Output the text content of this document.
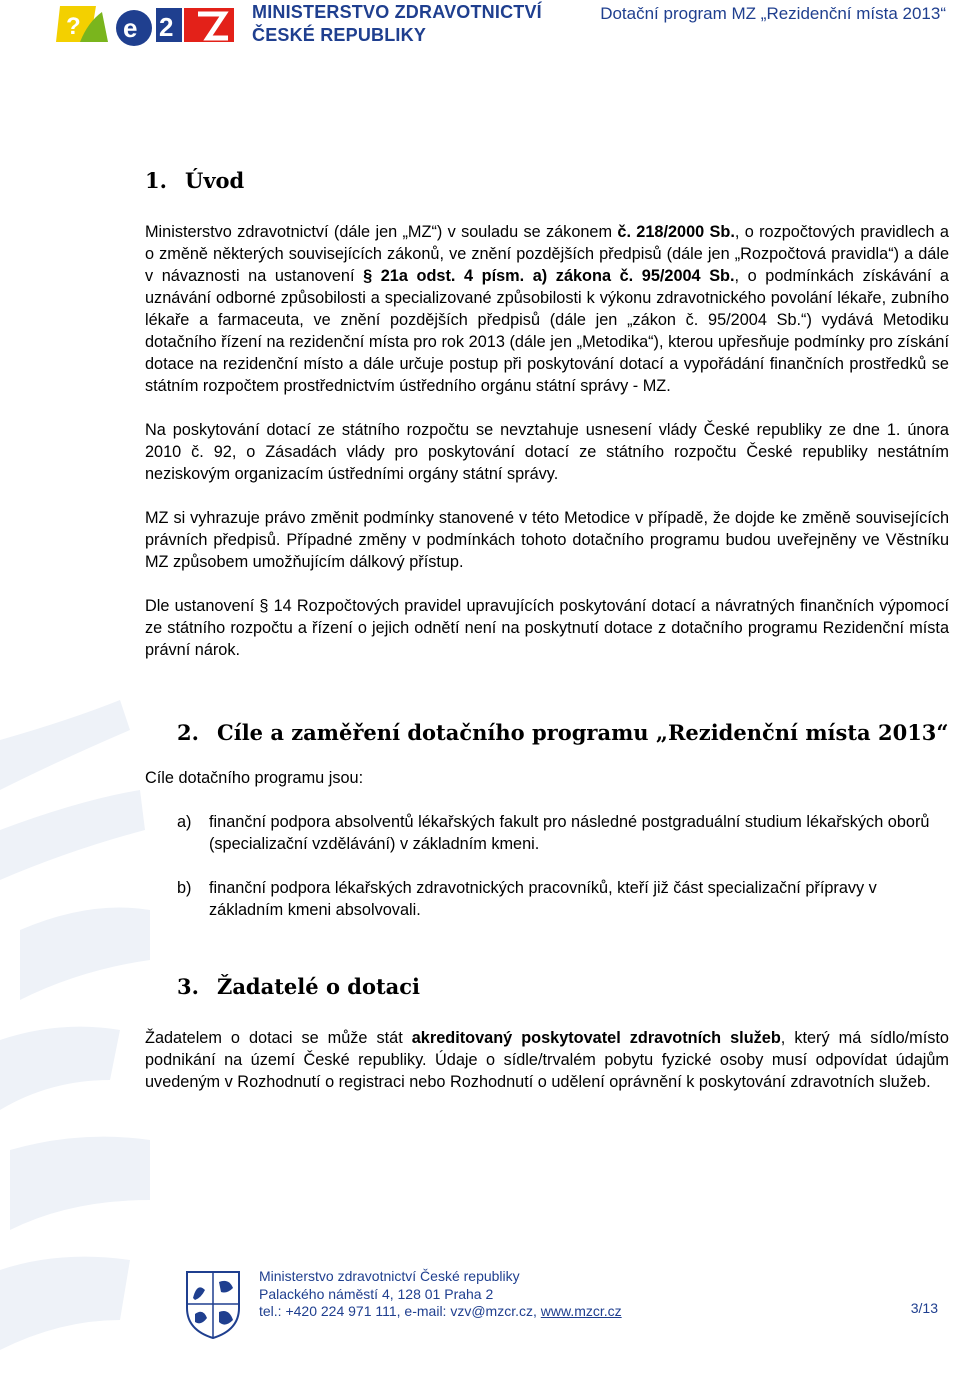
? e 2	MINISTERSTVO ZDRAVOTNICTVÍ
ČESKÉ REPUBLIKY
Dotační program MZ „Rezidenční místa 2013“
1. Úvod

Ministerstvo zdravotnictví (dále jen „MZ“) v souladu se zákonem č. 218/2000 Sb., o rozpočtových pravidlech a o změně některých souvisejících zákonů, ve znění pozdějších předpisů (dále jen „Rozpočtová pravidla“) a dále v návaznosti na ustanovení § 21a odst. 4 písm. a) zákona č. 95/2004 Sb., o podmínkách získávání a uznávání odborné způsobilosti a specializované způsobilosti k výkonu zdravotnického povolání lékaře, zubního lékaře a farmaceuta, ve znění pozdějších předpisů (dále jen „zákon č. 95/2004 Sb.“) vydává Metodiku dotačního řízení na rezidenční místa pro rok 2013 (dále jen „Metodika“), kterou upřesňuje podmínky pro získání dotace na rezidenční místo a dále určuje postup při poskytování dotací a vypořádání finančních prostředků se státním rozpočtem prostřednictvím ústředního orgánu státní správy - MZ.

Na poskytování dotací ze státního rozpočtu se nevztahuje usnesení vlády České republiky ze dne 1. února 2010 č. 92, o Zásadách vlády pro poskytování dotací ze státního rozpočtu České republiky nestátním neziskovým organizacím ústředními orgány státní správy.

MZ si vyhrazuje právo změnit podmínky stanovené v této Metodice v případě, že dojde ke změně souvisejících právních předpisů. Případné změny v podmínkách tohoto dotačního programu budou uveřejněny ve Věstníku MZ způsobem umožňujícím dálkový přístup.

Dle ustanovení § 14 Rozpočtových pravidel upravujících poskytování dotací a návratných finančních výpomocí ze státního rozpočtu a řízení o jejich odnětí není na poskytnutí dotace z dotačního programu Rezidenční místa právní nárok.

2. Cíle a zaměření dotačního programu „Rezidenční místa 2013“

Cíle dotačního programu jsou:

a)	finanční podpora absolventů lékařských fakult pro následné postgraduální studium lékařských oborů (specializační vzdělávání) v základním kmeni.
b)	finanční podpora lékařských zdravotnických pracovníků, kteří již část specializační přípravy v základním kmeni absolvovali.
3. Žadatelé o dotaci

Žadatelem o dotaci se může stát akreditovaný poskytovatel zdravotních služeb, který má sídlo/místo podnikání na území České republiky. Údaje o sídle/trvalém pobytu fyzické osoby musí odpovídat údajům uvedeným v Rozhodnutí o registraci nebo Rozhodnutí o udělení oprávnění k poskytování zdravotních služeb.

Ministerstvo zdravotnictví České republiky
Palackého náměstí 4, 128 01 Praha 2
tel.: +420 224 971 111, e-mail: vzv@mzcr.cz, www.mzcr.cz	3/13
